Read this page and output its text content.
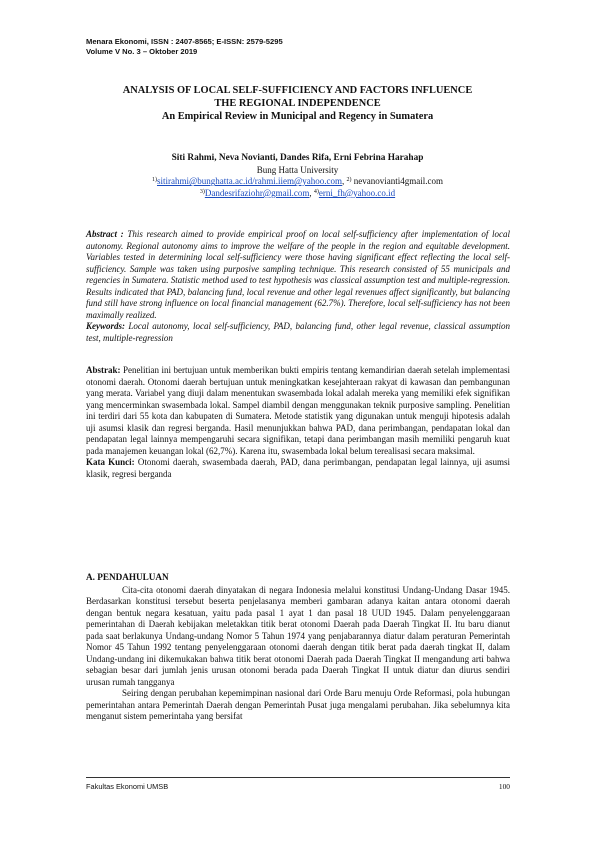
Menara Ekonomi, ISSN : 2407-8565; E-ISSN: 2579-5295
Volume V No. 3 – Oktober 2019
ANALYSIS OF LOCAL SELF-SUFFICIENCY AND FACTORS INFLUENCE
THE REGIONAL INDEPENDENCE
An Empirical Review in Municipal and Regency in Sumatera
Siti Rahmi, Neva Novianti, Dandes Rifa, Erni Febrina Harahap
Bung Hatta University
$^{1)}$sitirahmi@bunghatta.ac.id/rahmi.iiem@yahoo.com, $^{2)}$ nevanovianti4gmail.com
$^{3)}$Dandesrifaziohr@gmail.com, $^{4)}$erni_fh@yahoo.co.id
Abstract : This research aimed to provide empirical proof on local self-sufficiency after implementation of local autonomy. Regional autonomy aims to improve the welfare of the people in the region and equitable development. Variables tested in determining local self-sufficiency were those having significant effect reflecting the local self-sufficiency. Sample was taken using purposive sampling technique. This research consisted of 55 municipals and regencies in Sumatera. Statistic method used to test hypothesis was classical assumption test and multiple-regression. Results indicated that PAD, balancing fund, local revenue and other legal revenues affect significantly, but balancing fund still have strong influence on local financial management (62.7%). Therefore, local self-sufficiency has not been maximally realized.
Keywords: Local autonomy, local self-sufficiency, PAD, balancing fund, other legal revenue, classical assumption test, multiple-regression
Abstrak: Penelitian ini bertujuan untuk memberikan bukti empiris tentang kemandirian daerah setelah implementasi otonomi daerah. Otonomi daerah bertujuan untuk meningkatkan kesejahteraan rakyat di kawasan dan pembangunan yang merata. Variabel yang diuji dalam menentukan swasembada lokal adalah mereka yang memiliki efek signifikan yang mencerminkan swasembada lokal. Sampel diambil dengan menggunakan teknik purposive sampling. Penelitian ini terdiri dari 55 kota dan kabupaten di Sumatera. Metode statistik yang digunakan untuk menguji hipotesis adalah uji asumsi klasik dan regresi berganda. Hasil menunjukkan bahwa PAD, dana perimbangan, pendapatan lokal dan pendapatan legal lainnya mempengaruhi secara signifikan, tetapi dana perimbangan masih memiliki pengaruh kuat pada manajemen keuangan lokal (62,7%). Karena itu, swasembada lokal belum terealisasi secara maksimal.
Kata Kunci: Otonomi daerah, swasembada daerah, PAD, dana perimbangan, pendapatan legal lainnya, uji asumsi klasik, regresi berganda
A. PENDAHULUAN

Cita-cita otonomi daerah dinyatakan di negara Indonesia melalui konstitusi Undang-Undang Dasar 1945. Berdasarkan konstitusi tersebut beserta penjelasanya memberi gambaran adanya kaitan antara otonomi daerah dengan bentuk negara kesatuan, yaitu pada pasal 1 ayat 1 dan pasal 18 UUD 1945. Dalam penyelenggaraan pemerintahan di Daerah kebijakan meletakkan titik berat otonomi Daerah pada Daerah Tingkat II. Itu baru dianut pada saat berlakunya Undang-undang Nomor 5 Tahun 1974 yang penjabarannya diatur dalam peraturan Pemerintah Nomor 45 Tahun 1992 tentang penyelenggaraan otonomi daerah dengan titik berat pada daerah tingkat II, dalam Undang-undang ini dikemukakan bahwa titik berat otonomi Daerah pada Daerah Tingkat II mengandung arti bahwa sebagian besar dari jumlah jenis urusan otonomi berada pada Daerah Tingkat II untuk diatur dan diurus sendiri urusan rumah tangganya

Seiring dengan perubahan kepemimpinan nasional dari Orde Baru menuju Orde Reformasi, pola hubungan pemerintahan antara Pemerintah Daerah dengan Pemerintah Pusat juga mengalami perubahan. Jika sebelumnya kita menganut sistem pemerintaha yang bersifat

Fakultas Ekonomi UMSB	100
